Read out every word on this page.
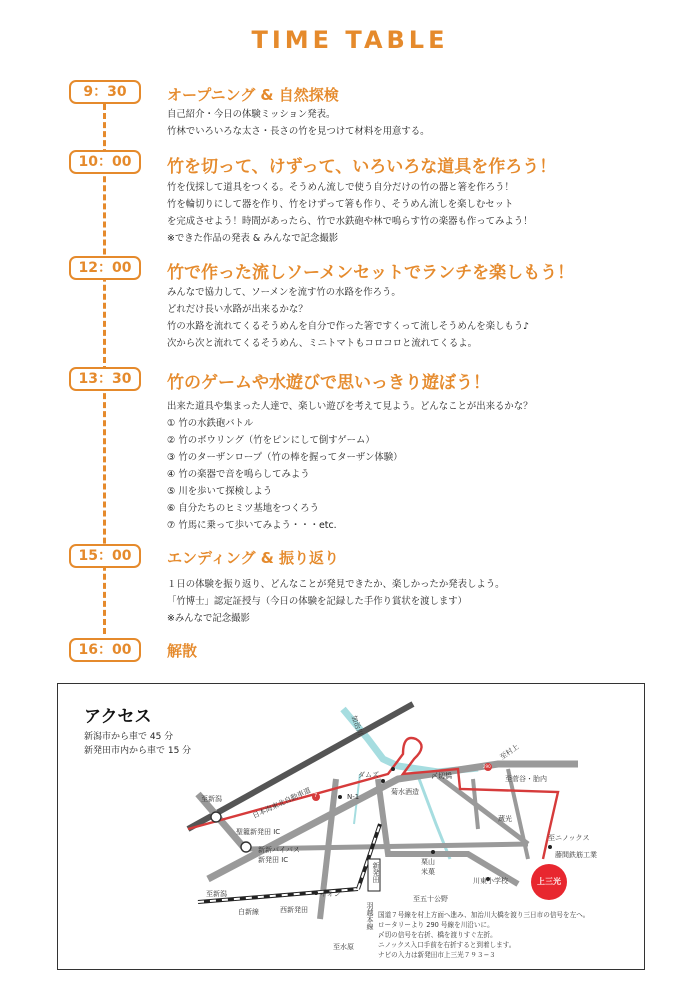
TIME TABLE
9：30	オープニング & 自然探検
自己紹介・今日の体験ミッション発表。
竹林でいろいろな太さ・長さの竹を見つけて材料を用意する。
10：00	竹を切って、けずって、いろいろな道具を作ろう！
竹を伐採して道具をつくる。そうめん流しで使う自分だけの竹の器と箸を作ろう！
竹を輪切りにして器を作り、竹をけずって箸も作り、そうめん流しを楽しむセット
を完成させよう！時間があったら、竹で水鉄砲や林で鳴らす竹の楽器も作ってみよう！
※できた作品の発表 & みんなで記念撮影
12：00	竹で作った流しソーメンセットでランチを楽しもう！
みんなで協力して、ソーメンを流す竹の水路を作ろう。
どれだけ長い水路が出来るかな？
竹の水路を流れてくるそうめんを自分で作った箸ですくって流しそうめんを楽しもう♪
次から次と流れてくるそうめん、ミニトマトもコロコロと流れてくるよ。
13：30	竹のゲームや水遊びで思いっきり遊ぼう！
出来た道具や集まった人達で、楽しい遊びを考えて見よう。どんなことが出来るかな？
① 竹の水鉄砲バトル
② 竹のボウリング（竹をピンにして倒すゲーム）
③ 竹のターザンロープ（竹の棒を握ってターザン体験）
④ 竹の楽器で音を鳴らしてみよう
⑤ 川を歩いて探検しよう
⑥ 自分たちのヒミツ基地をつくろう
⑦ 竹馬に乗って歩いてみよう・・・etc.
15：00	エンディング & 振り返り
１日の体験を振り返り、どんなことが発見できたか、楽しかったか発表しよう。
「竹博士」認定証授与（今日の体験を記録した手作り賞状を渡します）
※みんなで記念撮影
16：00	解散
アクセス
新潟市から車で 45 分
新発田市内から車で 15 分
至新潟	日本海東北自動車道
聖籠新発田 IC
新新バイパス
新発田 IC
加治川
ダムズ
N-1
菊水酒造
〆切橋
至村上
至菅谷・胎内
蔵光
至ニノックス
藤間鉄筋工業
栗山
米菓
川東小学校
至五十公野
至新潟	イオン
新発田
白新線	西新発田	羽越本線
至水原
7
290
上三光
国道７号線を村上方面へ進み、加治川大橋を渡り三日市の信号を左へ。
ロータリーより 290 号線を川沿いに。
〆切の信号を右折、橋を渡りすぐ左折。
ニノックス入口手前を右折すると到着します。
ナビの入力は新発田市上三光７９３−３
